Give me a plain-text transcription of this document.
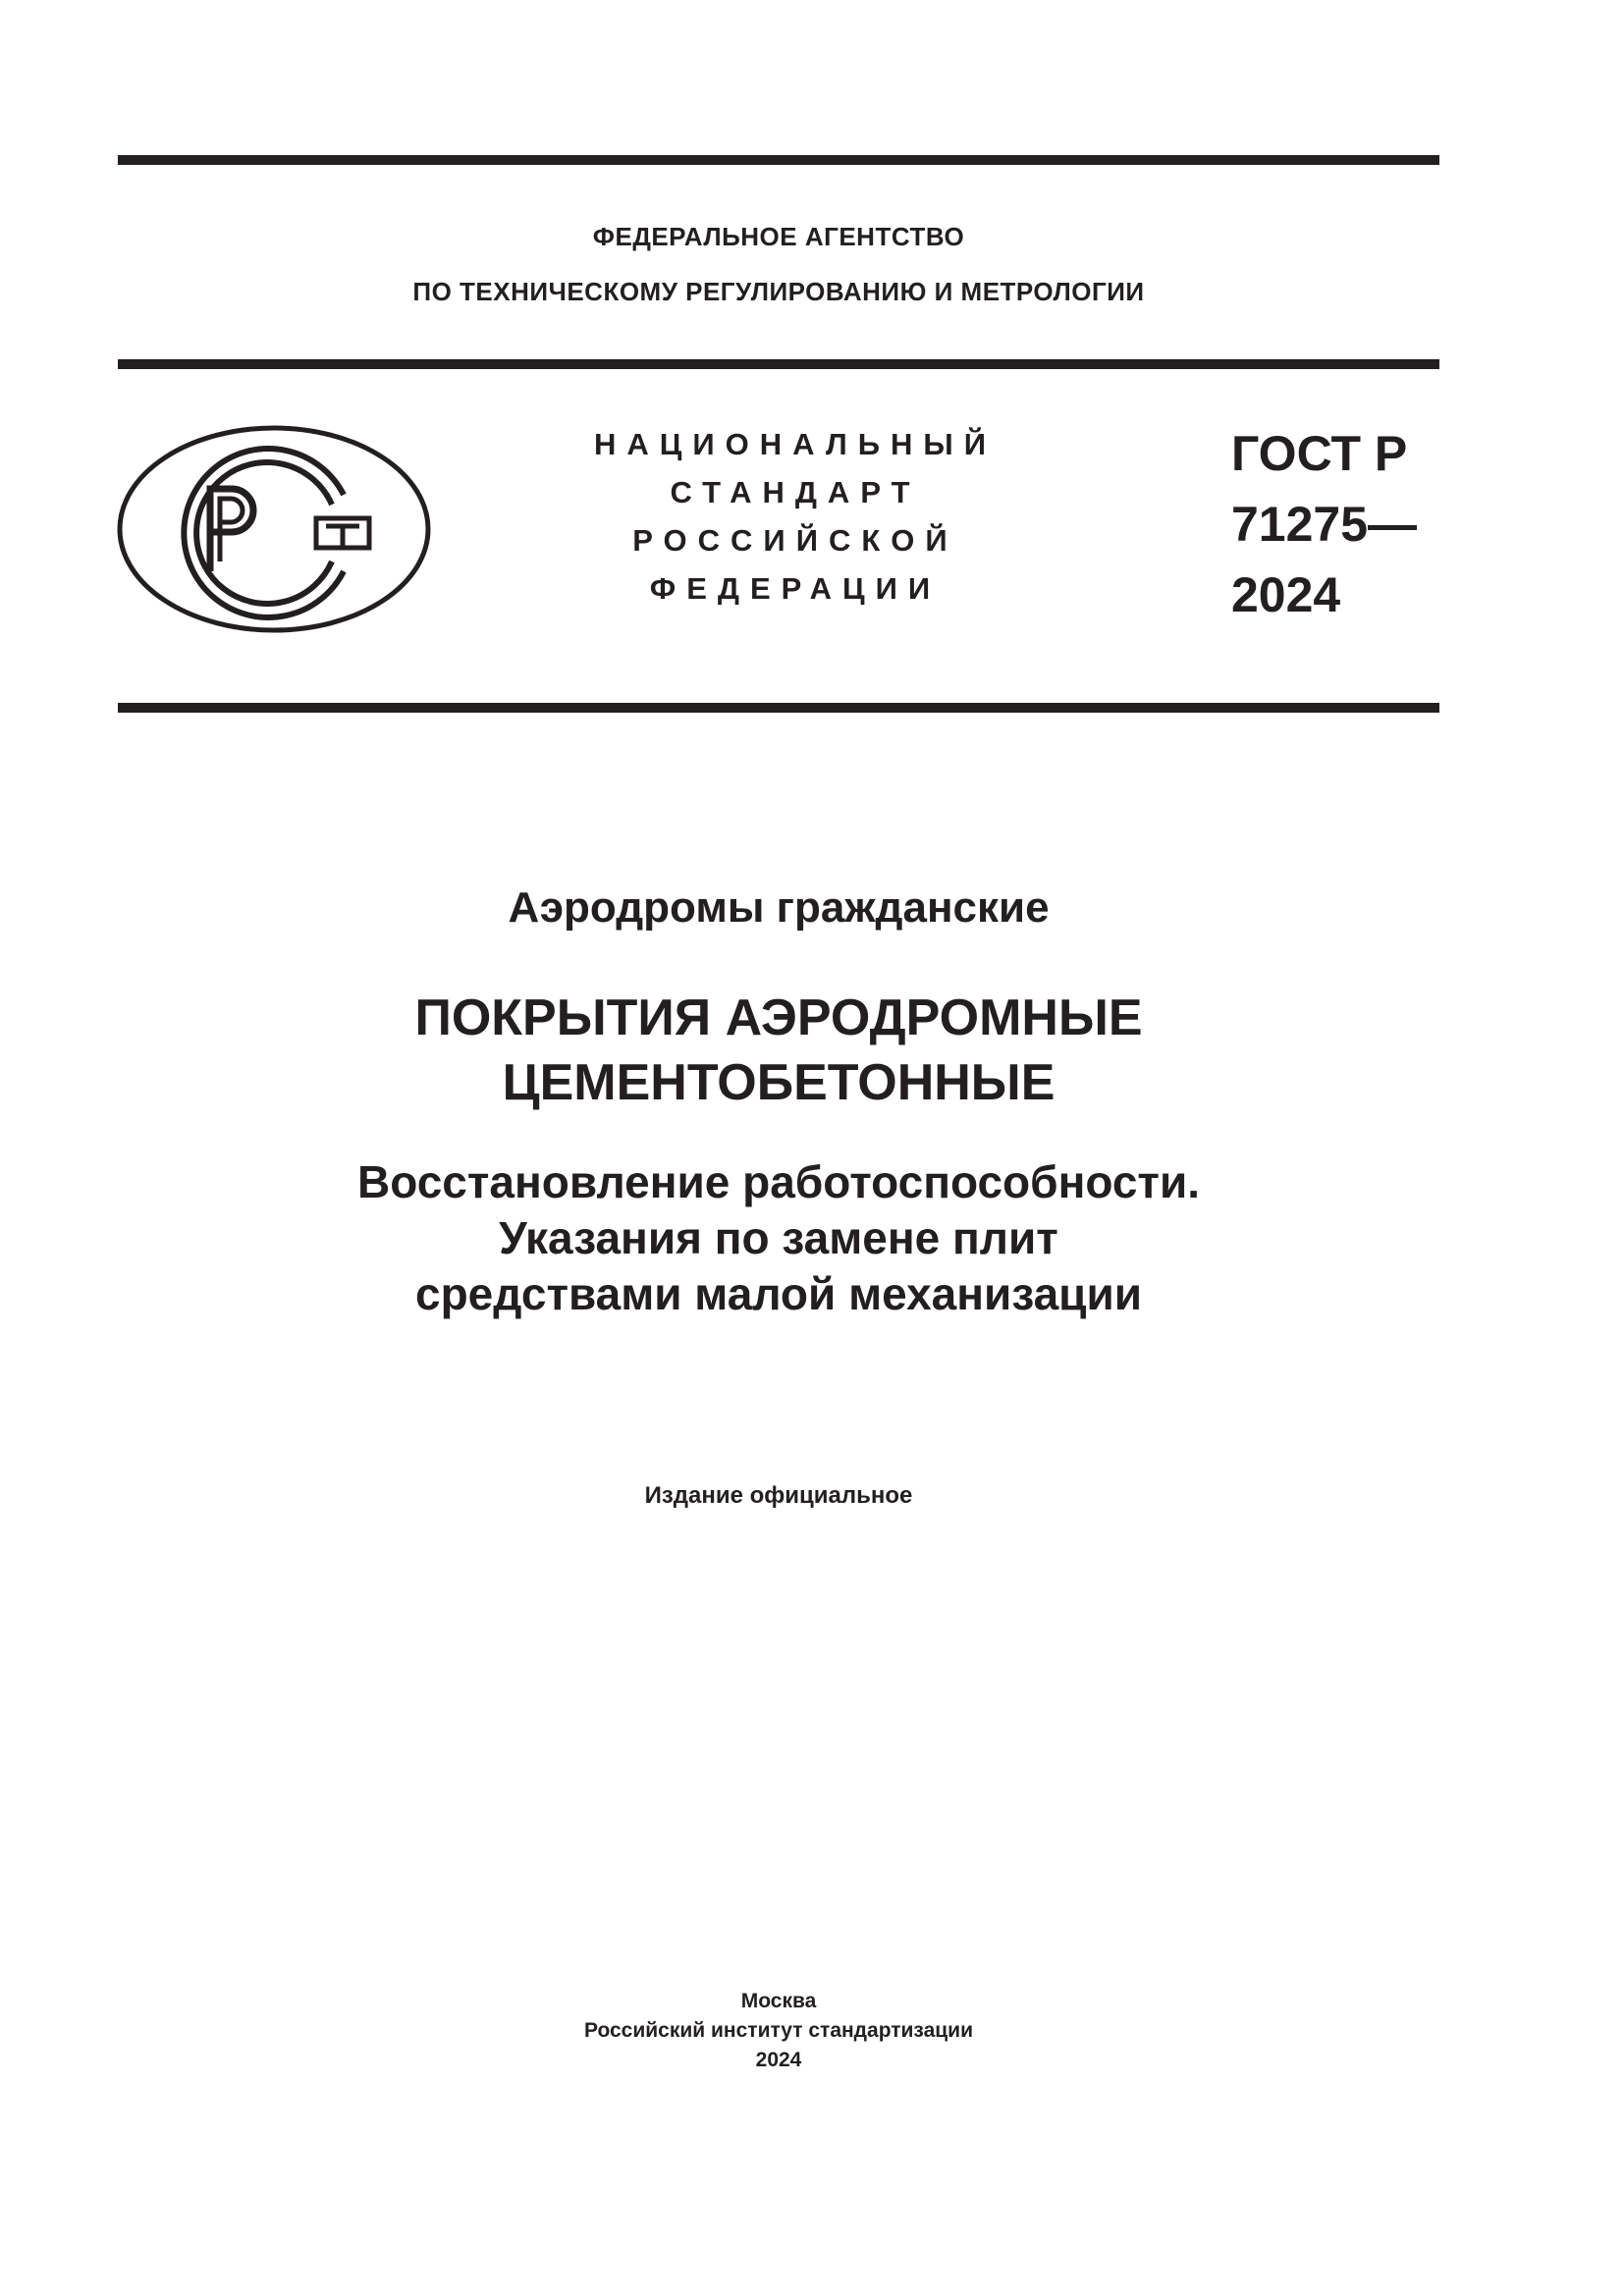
ФЕДЕРАЛЬНОЕ АГЕНТСТВО
ПО ТЕХНИЧЕСКОМУ РЕГУЛИРОВАНИЮ И МЕТРОЛОГИИ
НАЦИОНАЛЬНЫЙ
СТАНДАРТ
РОССИЙСКОЙ
ФЕДЕРАЦИИ
ГОСТ Р
71275—
2024
Аэродромы гражданские
ПОКРЫТИЯ АЭРОДРОМНЫЕ
ЦЕМЕНТОБЕТОННЫЕ
Восстановление работоспособности.
Указания по замене плит
средствами малой механизации
Издание официальное
Москва
Российский институт стандартизации
2024
